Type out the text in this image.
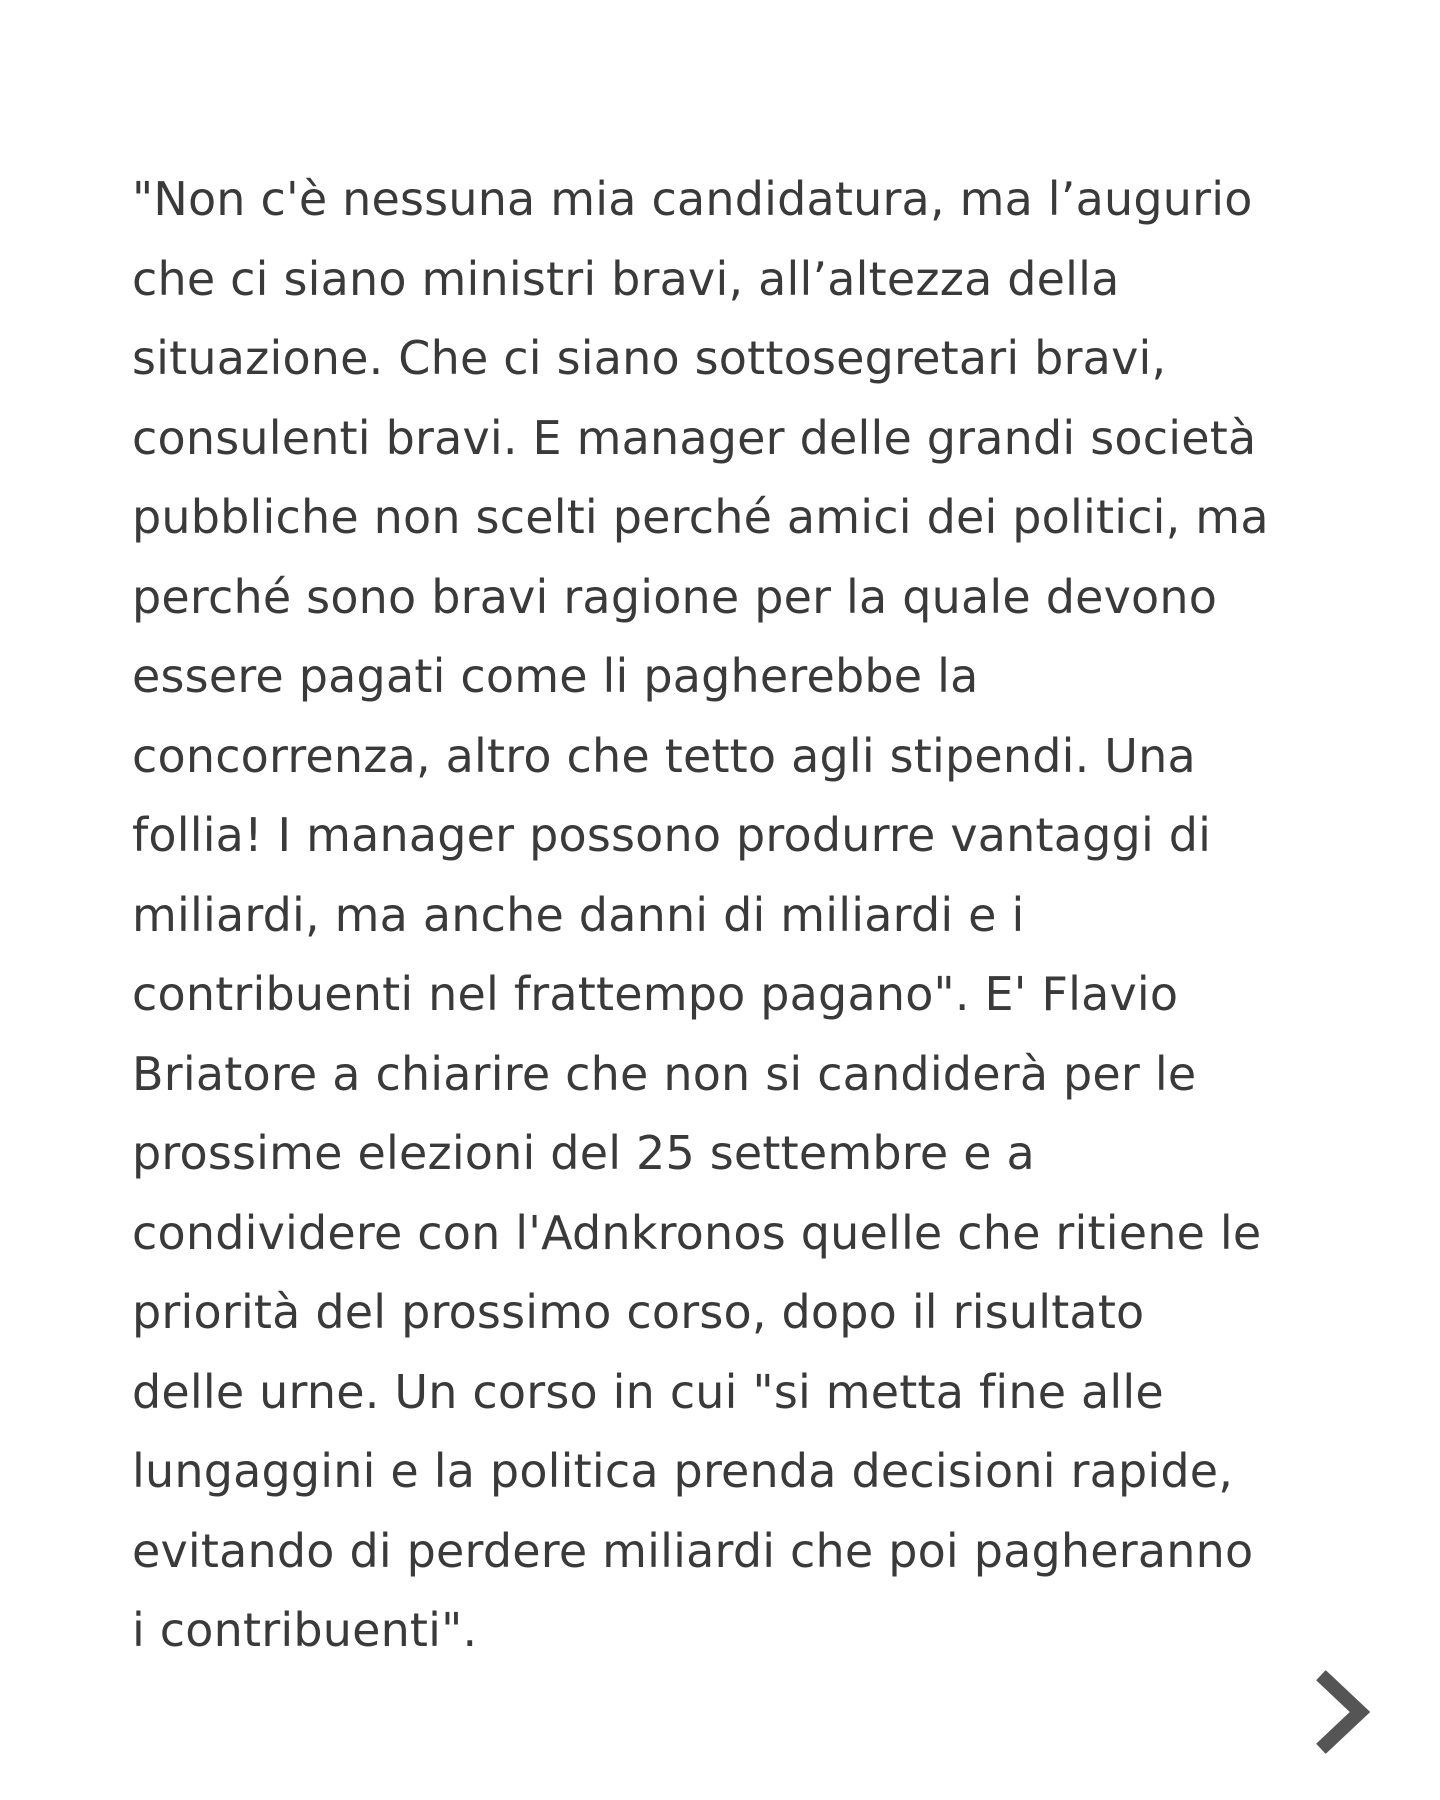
"Non c'è nessuna mia candidatura, ma l’augurio
che ci siano ministri bravi, all’altezza della
situazione. Che ci siano sottosegretari bravi,
consulenti bravi. E manager delle grandi società
pubbliche non scelti perché amici dei politici, ma
perché sono bravi ragione per la quale devono
essere pagati come li pagherebbe la
concorrenza, altro che tetto agli stipendi. Una
follia! I manager possono produrre vantaggi di
miliardi, ma anche danni di miliardi e i
contribuenti nel frattempo pagano". E' Flavio
Briatore a chiarire che non si candiderà per le
prossime elezioni del 25 settembre e a
condividere con l'Adnkronos quelle che ritiene le
priorità del prossimo corso, dopo il risultato
delle urne. Un corso in cui "si metta fine alle
lungaggini e la politica prenda decisioni rapide,
evitando di perdere miliardi che poi pagheranno
i contribuenti".
